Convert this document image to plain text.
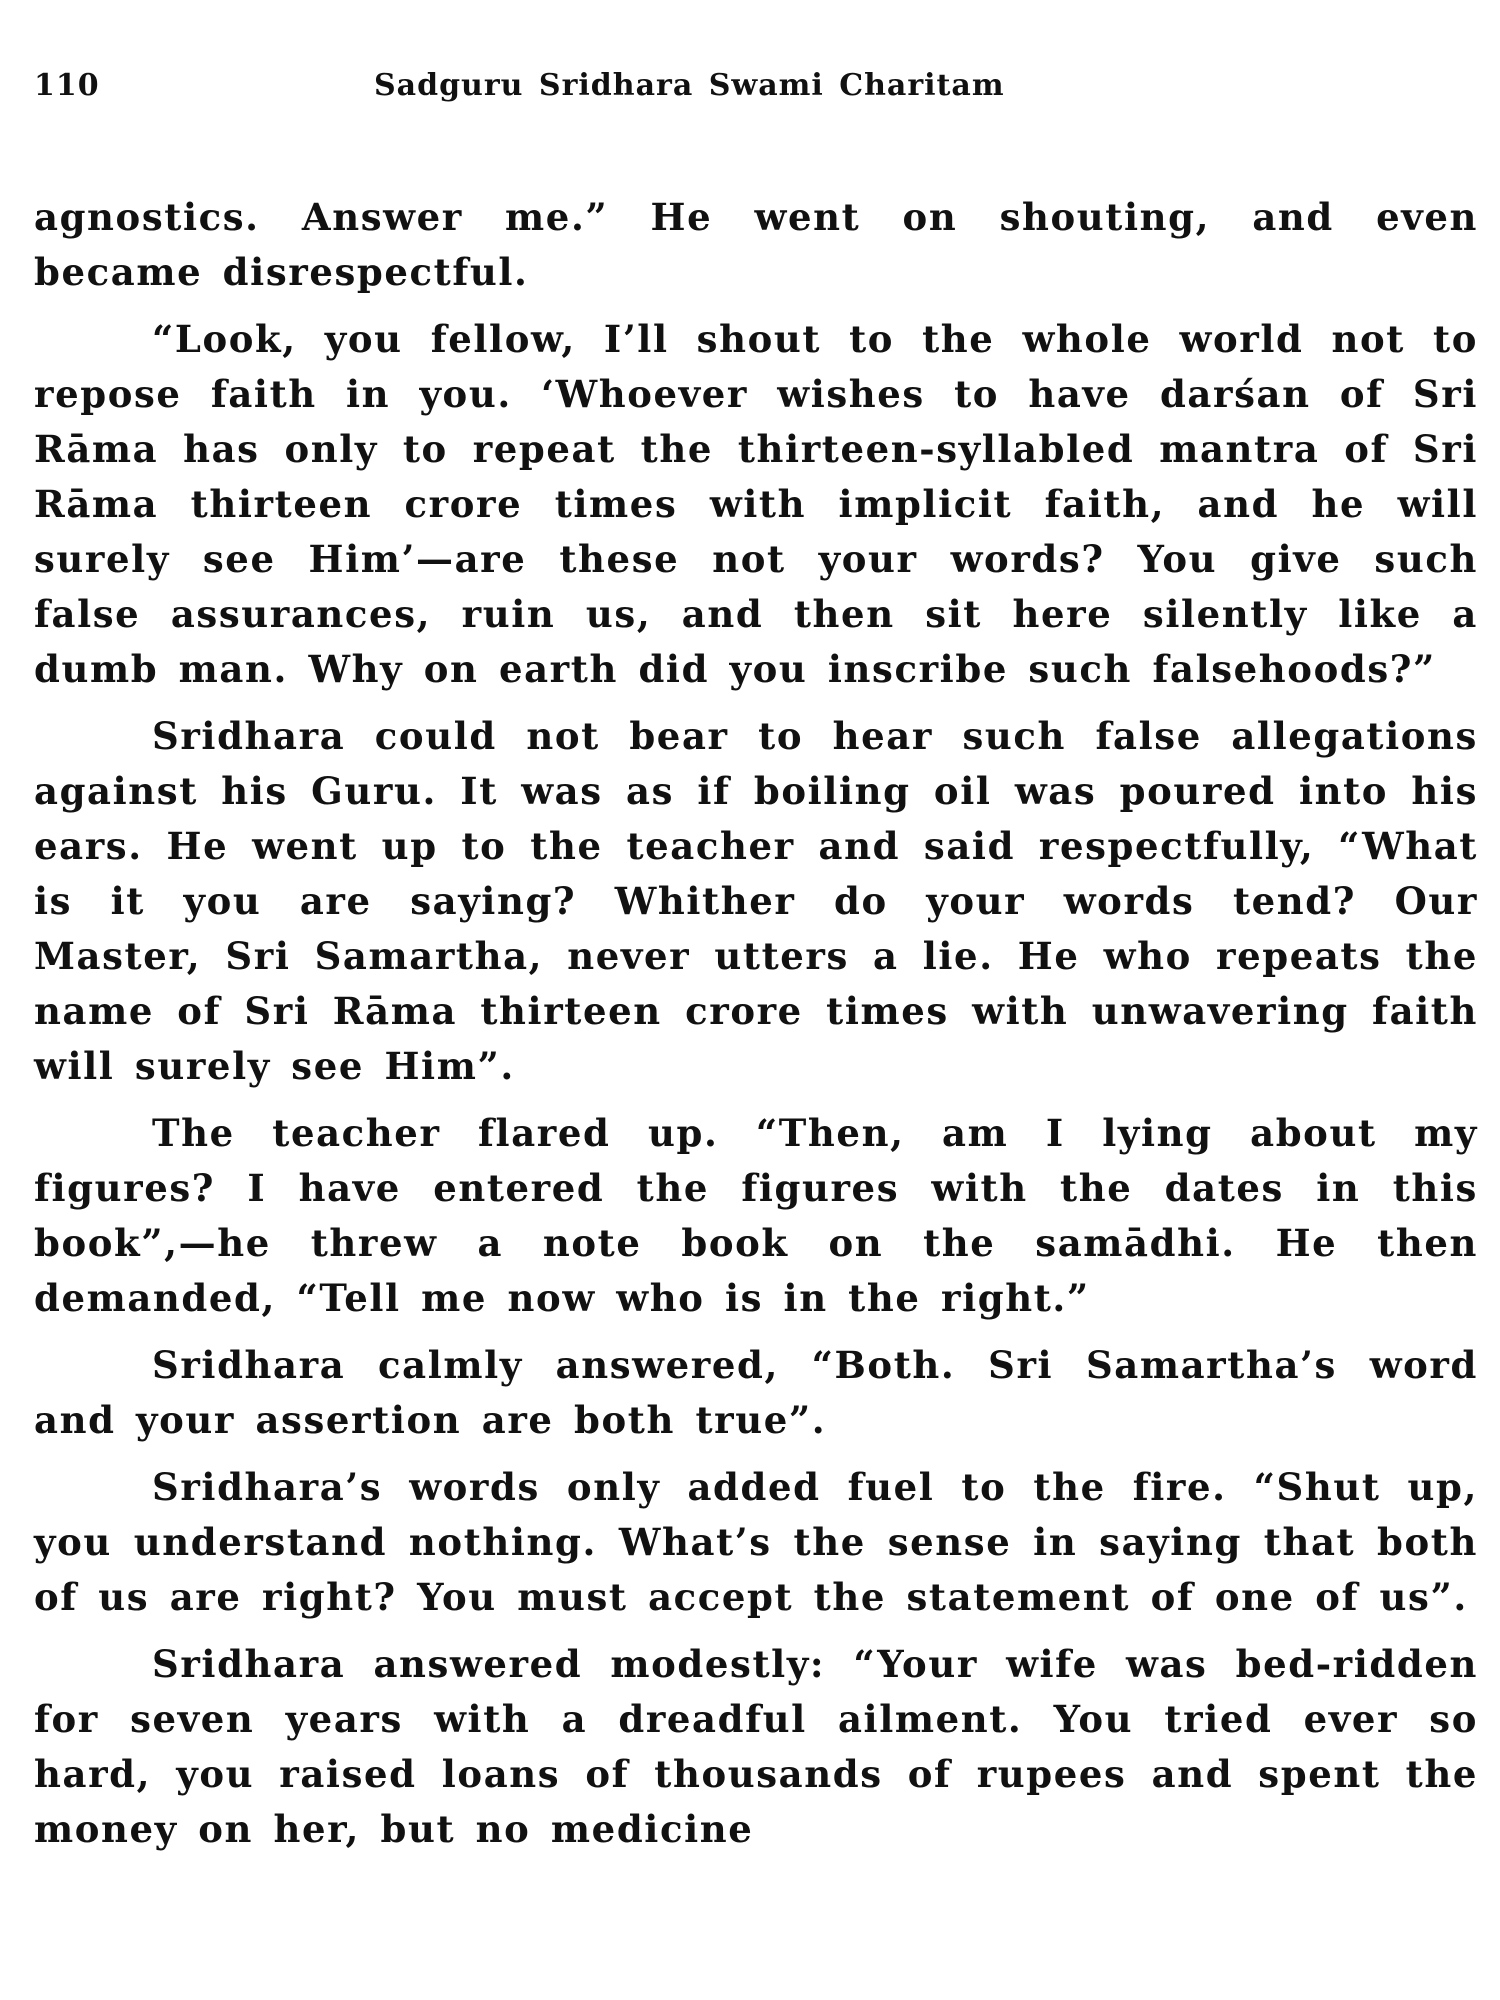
110	Sadguru Sridhara Swami Charitam

agnostics. Answer me.” He went on shouting, and even became disrespectful.

“Look, you fellow, I’ll shout to the whole world not to repose faith in you. ‘Whoever wishes to have darśan of Sri Rāma has only to repeat the thirteen-syllabled mantra of Sri Rāma thirteen crore times with implicit faith, and he will surely see Him’—are these not your words? You give such false assurances, ruin us, and then sit here silently like a dumb man. Why on earth did you inscribe such falsehoods?”

Sridhara could not bear to hear such false allegations against his Guru. It was as if boiling oil was poured into his ears. He went up to the teacher and said respectfully, “What is it you are saying? Whither do your words tend? Our Master, Sri Samartha, never utters a lie. He who repeats the name of Sri Rāma thirteen crore times with unwavering faith will surely see Him”.

The teacher flared up. “Then, am I lying about my figures? I have entered the figures with the dates in this book”,—he threw a note book on the samādhi. He then demanded, “Tell me now who is in the right.”

Sridhara calmly answered, “Both. Sri Samartha’s word and your assertion are both true”.

Sridhara’s words only added fuel to the fire. “Shut up, you understand nothing. What’s the sense in saying that both of us are right? You must accept the statement of one of us”.

Sridhara answered modestly: “Your wife was bed-ridden for seven years with a dreadful ailment. You tried ever so hard, you raised loans of thousands of rupees and spent the money on her, but no medicine
